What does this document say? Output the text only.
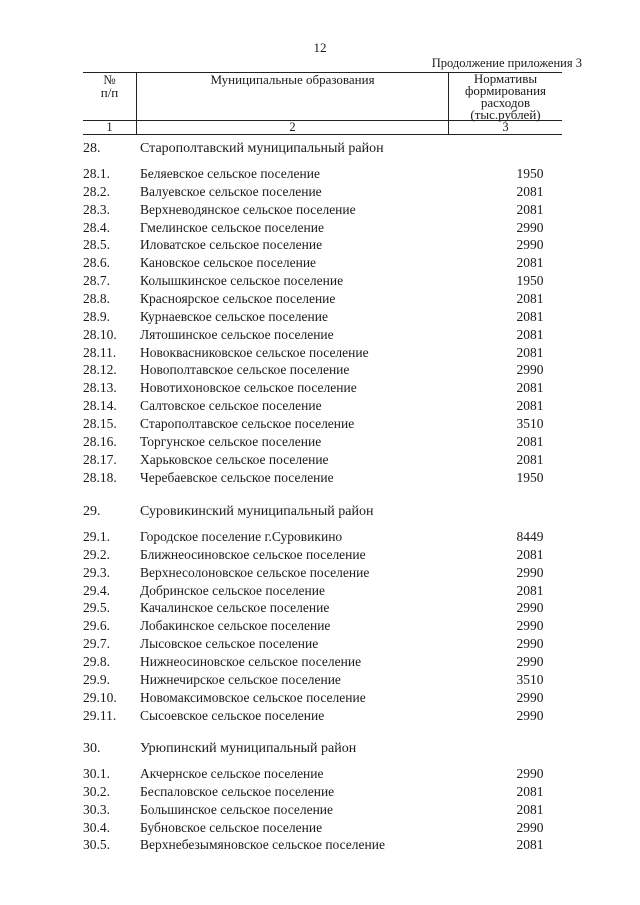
12
Продолжение приложения 3
№
п/п
Муниципальные образования	Нормативы
формирования
расходов
(тыс.рублей)
1	2	3
28.	Старополтавский муниципальный район
28.1. Беляевское сельское поселение	1950
28.2. Валуевское сельское поселение	2081
28.3. Верхневодянское сельское поселение	2081
28.4. Гмелинское сельское поселение	2990
28.5. Иловатское сельское поселение	2990
28.6. Кановское сельское поселение	2081
28.7. Колышкинское сельское поселение	1950
28.8. Красноярское сельское поселение	2081
28.9. Курнаевское сельское поселение	2081
28.10. Лятошинское сельское поселение	2081
28.11. Новоквасниковское сельское поселение	2081
28.12. Новополтавское сельское поселение	2990
28.13. Новотихоновское сельское поселение	2081
28.14. Салтовское сельское поселение	2081
28.15. Старополтавское сельское поселение	3510
28.16. Торгунское сельское поселение	2081
28.17. Харьковское сельское поселение	2081
28.18. Черебаевское сельское поселение	1950
29.	Суровикинский муниципальный район
29.1. Городское поселение г.Суровикино	8449
29.2. Ближнеосиновское сельское поселение	2081
29.3. Верхнесолоновское сельское поселение	2990
29.4. Добринское сельское поселение	2081
29.5. Качалинское сельское поселение	2990
29.6. Лобакинское сельское поселение	2990
29.7. Лысовское сельское поселение	2990
29.8. Нижнеосиновское сельское поселение	2990
29.9. Нижнечирское сельское поселение	3510
29.10. Новомаксимовское сельское поселение	2990
29.11. Сысоевское сельское поселение	2990
30.	Урюпинский муниципальный район
30.1. Акчернское сельское поселение	2990
30.2. Беспаловское сельское поселение	2081
30.3. Большинское сельское поселение	2081
30.4. Бубновское сельское поселение	2990
30.5. Верхнебезымяновское сельское поселение	2081
